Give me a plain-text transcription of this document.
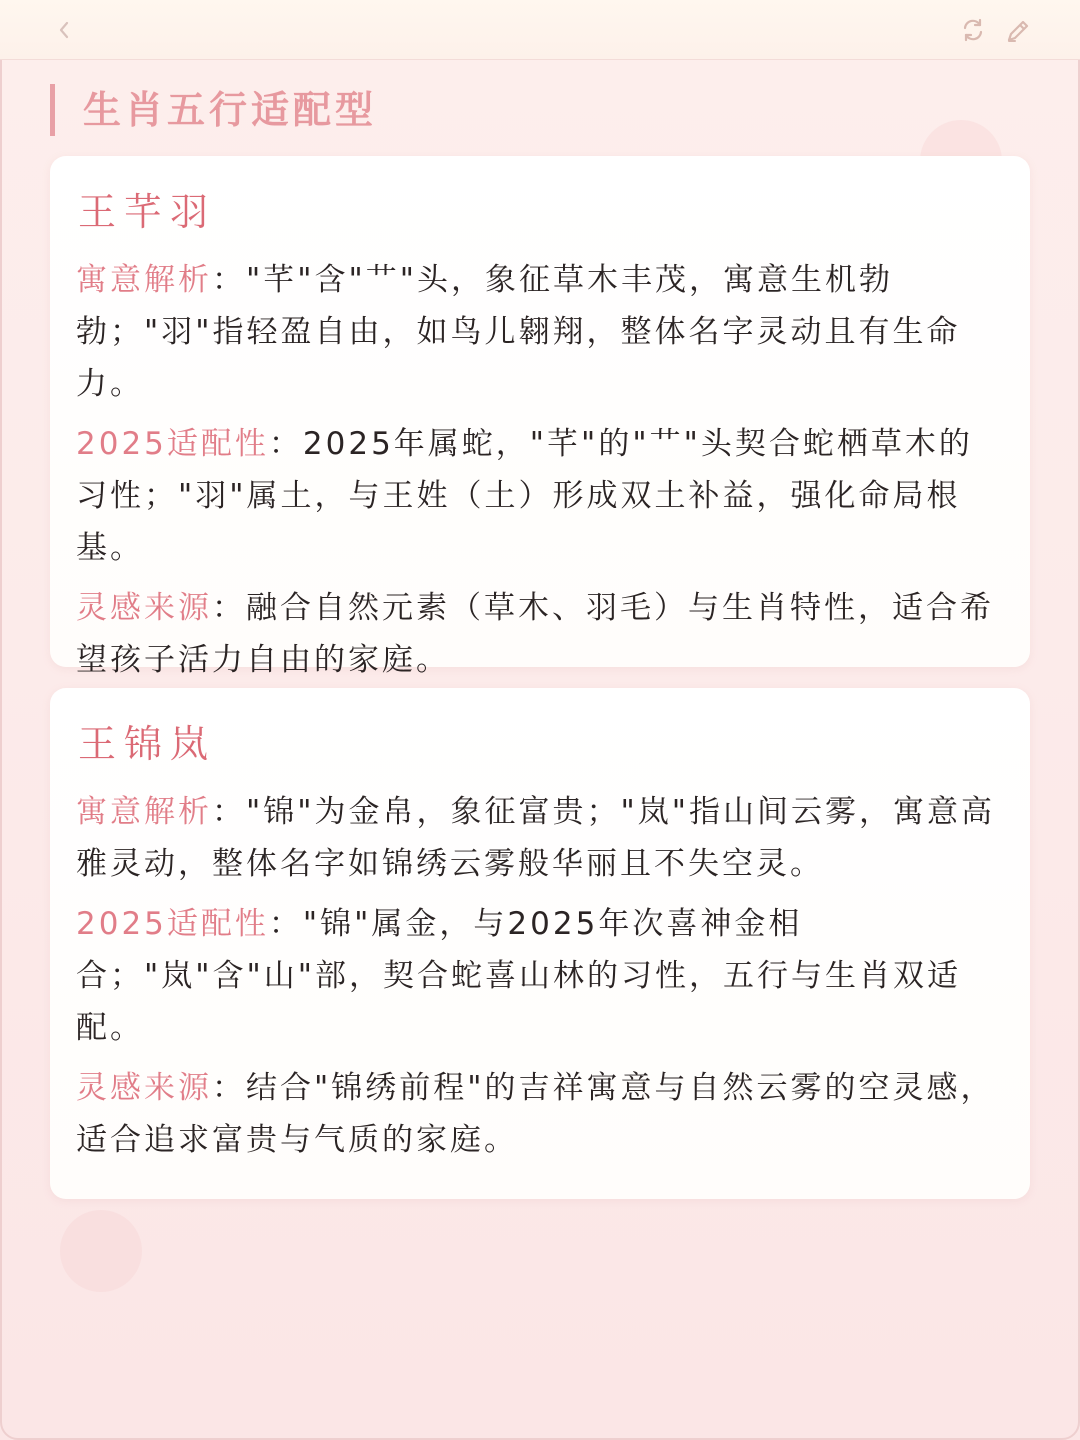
生肖五行适配型
王芊羽
寓意解析："芊"含"艹"头，象征草木丰茂，寓意生机勃勃；"羽"指轻盈自由，如鸟儿翱翔，整体名字灵动且有生命力。
2025适配性：2025年属蛇，"芊"的"艹"头契合蛇栖草木的习性；"羽"属土，与王姓（土）形成双土补益，强化命局根基。
灵感来源：融合自然元素（草木、羽毛）与生肖特性，适合希望孩子活力自由的家庭。
王锦岚
寓意解析："锦"为金帛，象征富贵；"岚"指山间云雾，寓意高雅灵动，整体名字如锦绣云雾般华丽且不失空灵。
2025适配性："锦"属金，与2025年次喜神金相合；"岚"含"山"部，契合蛇喜山林的习性，五行与生肖双适配。
灵感来源：结合"锦绣前程"的吉祥寓意与自然云雾的空灵感，适合追求富贵与气质的家庭。
